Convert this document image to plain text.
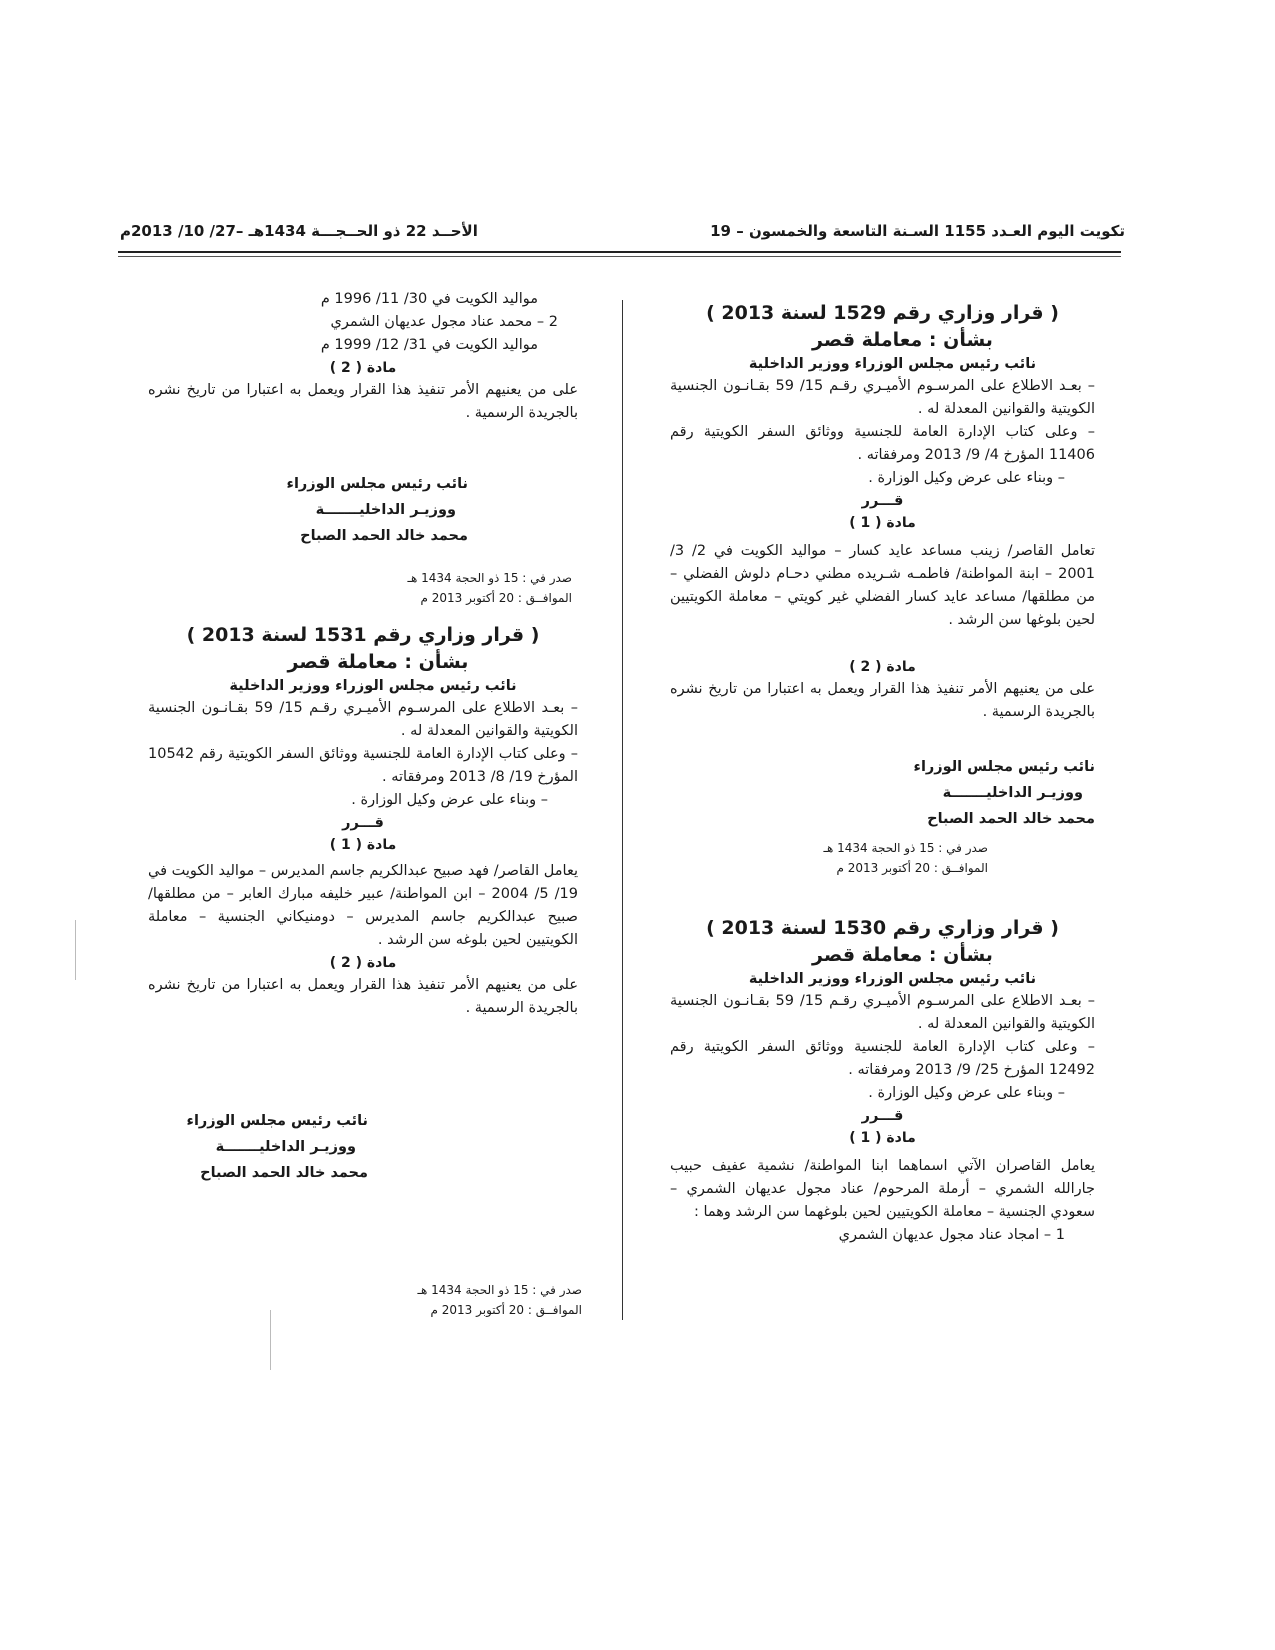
تكويت اليوم العـدد 1155 السـنة التاسعة والخمسون – 19
الأحــد 22 ذو الحــجـــة 1434هـ –27/ 10/ 2013م

( قرار وزاري رقم 1529 لسنة 2013 )

بشأن : معاملة قصر

نائب رئيس مجلس الوزراء ووزير الداخلية

– بعـد الاطلاع على المرسـوم الأميـري رقـم 15/ 59 بقـانـون الجنسية الكويتية والقوانين المعدلة له .

– وعلى كتاب الإدارة العامة للجنسية ووثائق السفر الكويتية رقم 11406 المؤرخ 4/ 9/ 2013 ومرفقاته .

– وبناء على عرض وكيل الوزارة .

قـــرر

مادة ( 1 )

تعامل القاصر/ زينب مساعد عايد كسار – مواليد الكويت في 2/ 3/ 2001 – ابنة المواطنة/ فاطمـه شـريده مطني دحـام دلوش الفضلي – من مطلقها/ مساعد عايد كسار الفضلي غير كويتي – معاملة الكويتيين لحين بلوغها سن الرشد .

مادة ( 2 )

على من يعنيهم الأمر تنفيذ هذا القرار ويعمل به اعتبارا من تاريخ نشره بالجريدة الرسمية .

نائب رئيس مجلس الوزراء
ووزيـر الداخليـــــــة
محمد خالد الحمد الصباح
صدر في : 15 ذو الحجة 1434 هـ
الموافــق : 20 أكتوبر 2013 م

( قرار وزاري رقم 1530 لسنة 2013 )

بشأن : معاملة قصر

نائب رئيس مجلس الوزراء ووزير الداخلية

– بعـد الاطلاع على المرسـوم الأميـري رقـم 15/ 59 بقـانـون الجنسية الكويتية والقوانين المعدلة له .

– وعلى كتاب الإدارة العامة للجنسية ووثائق السفر الكويتية رقم 12492 المؤرخ 25/ 9/ 2013 ومرفقاته .

– وبناء على عرض وكيل الوزارة .

قـــرر

مادة ( 1 )

يعامل القاصران الآتي اسماهما ابنا المواطنة/ نشمية عفيف حبيب جارالله الشمري – أرملة المرحوم/ عناد مجول عديهان الشمري – سعودي الجنسية – معاملة الكويتيين لحين بلوغهما سن الرشد وهما :

1 – امجاد عناد مجول عديهان الشمري

مواليد الكويت في 30/ 11/ 1996 م

2 – محمد عناد مجول عديهان الشمري

مواليد الكويت في 31/ 12/ 1999 م

مادة ( 2 )

على من يعنيهم الأمر تنفيذ هذا القرار ويعمل به اعتبارا من تاريخ نشره بالجريدة الرسمية .

نائب رئيس مجلس الوزراء
ووزيـر الداخليـــــــة
محمد خالد الحمد الصباح
صدر في : 15 ذو الحجة 1434 هـ
الموافــق : 20 أكتوبر 2013 م

( قرار وزاري رقم 1531 لسنة 2013 )

بشأن : معاملة قصر

نائب رئيس مجلس الوزراء ووزير الداخلية

– بعـد الاطلاع على المرسـوم الأميـري رقـم 15/ 59 بقـانـون الجنسية الكويتية والقوانين المعدلة له .

– وعلى كتاب الإدارة العامة للجنسية ووثائق السفر الكويتية رقم 10542 المؤرخ 19/ 8/ 2013 ومرفقاته .

– وبناء على عرض وكيل الوزارة .

قـــرر

مادة ( 1 )

يعامل القاصر/ فهد صبيح عبدالكريم جاسم المديرس – مواليد الكويت في 19/ 5/ 2004 – ابن المواطنة/ عبير خليفه مبارك العابر – من مطلقها/ صبيح عبدالكريم جاسم المديرس – دومنيكاني الجنسية – معاملة الكويتيين لحين بلوغه سن الرشد .

مادة ( 2 )

على من يعنيهم الأمر تنفيذ هذا القرار ويعمل به اعتبارا من تاريخ نشره بالجريدة الرسمية .

نائب رئيس مجلس الوزراء
ووزيـر الداخليـــــــة
محمد خالد الحمد الصباح
صدر في : 15 ذو الحجة 1434 هـ
الموافــق : 20 أكتوبر 2013 م
